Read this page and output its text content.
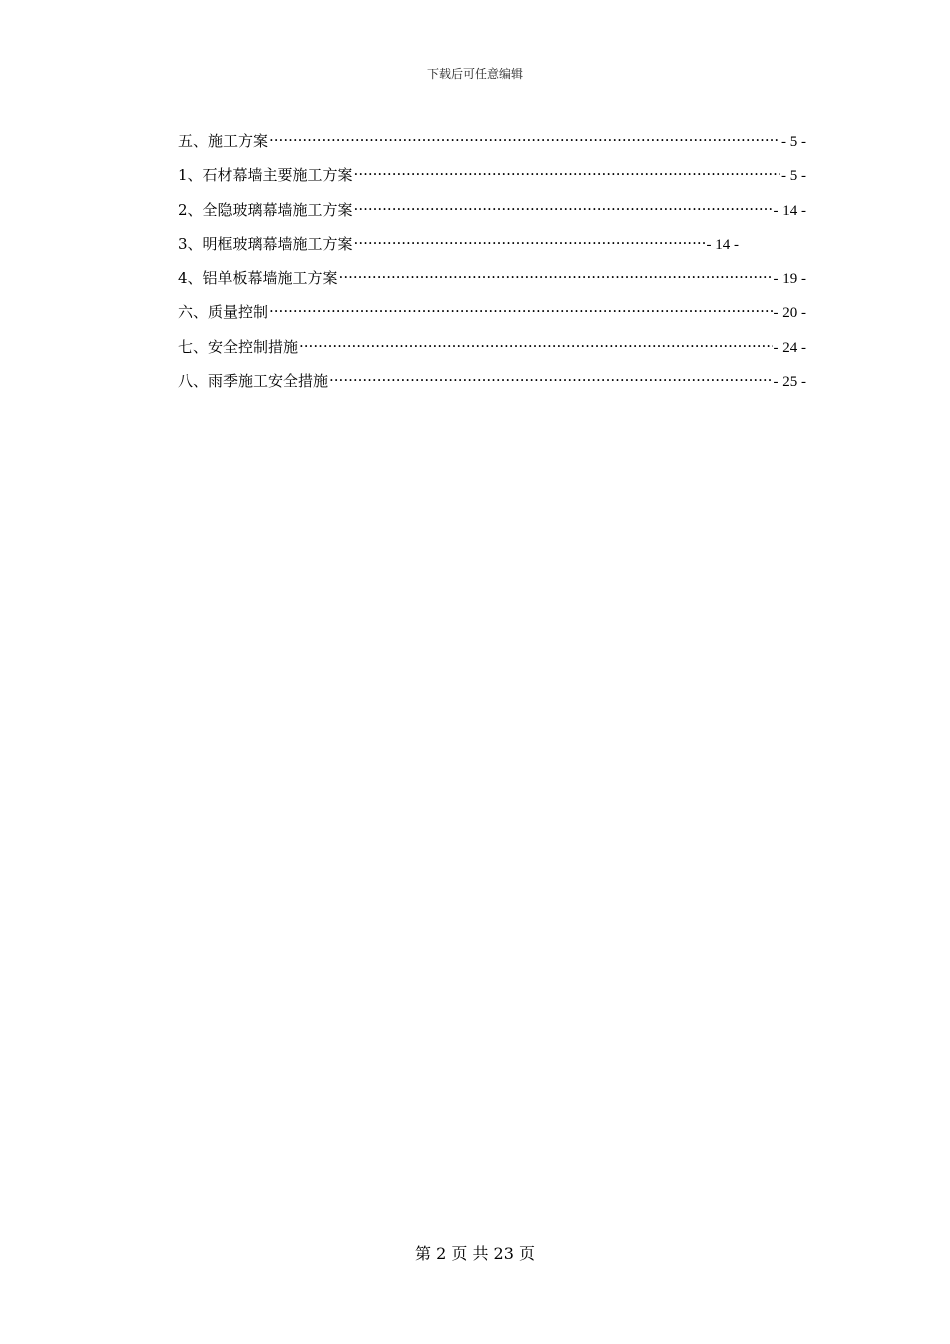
下载后可任意编辑
五、施工方案 .....	- 5 -
1、石材幕墙主要施工方案 .....	- 5 -
2、全隐玻璃幕墙施工方案 .....	- 14 -
3、明框玻璃幕墙施工方案 .....	- 14 -
4、铝单板幕墙施工方案 .....	- 19 -
六、质量控制 .....	- 20 -
七、安全控制措施 .....	- 24 -
八、雨季施工安全措施 .....	- 25 -
第 2 页 共 23 页
